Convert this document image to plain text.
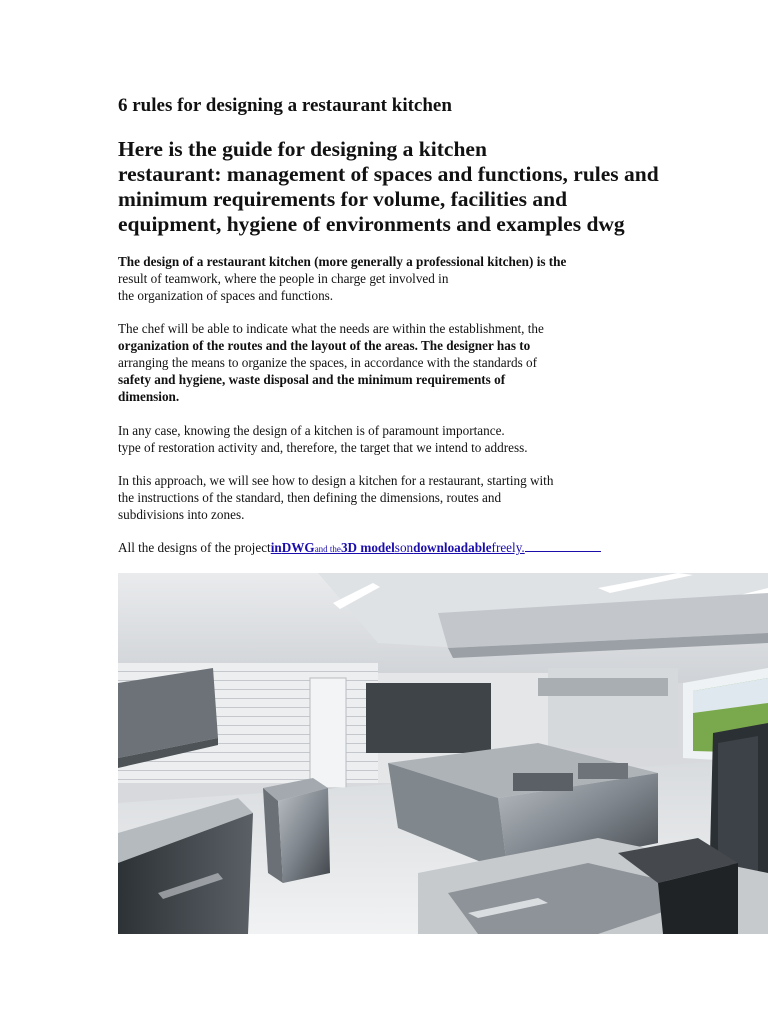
6 rules for designing a restaurant kitchen
Here is the guide for designing a kitchen
restaurant: management of spaces and functions, rules and
minimum requirements for volume, facilities and
equipment, hygiene of environments and examples dwg

The design of a restaurant kitchen (more generally a professional kitchen) is the
result of teamwork, where the people in charge get involved in
the organization of spaces and functions.

The chef will be able to indicate what the needs are within the establishment, the
organization of the routes and the layout of the areas. The designer has to
arranging the means to organize the spaces, in accordance with the standards of
safety and hygiene, waste disposal and the minimum requirements of
dimension.

In any case, knowing the design of a kitchen is of paramount importance.
type of restoration activity and, therefore, the target that we intend to address.

In this approach, we will see how to design a kitchen for a restaurant, starting with
the instructions of the standard, then defining the dimensions, routes and
subdivisions into zones.

All the designs of the projectinDWGand the3D modelsondownloadablefreely.
